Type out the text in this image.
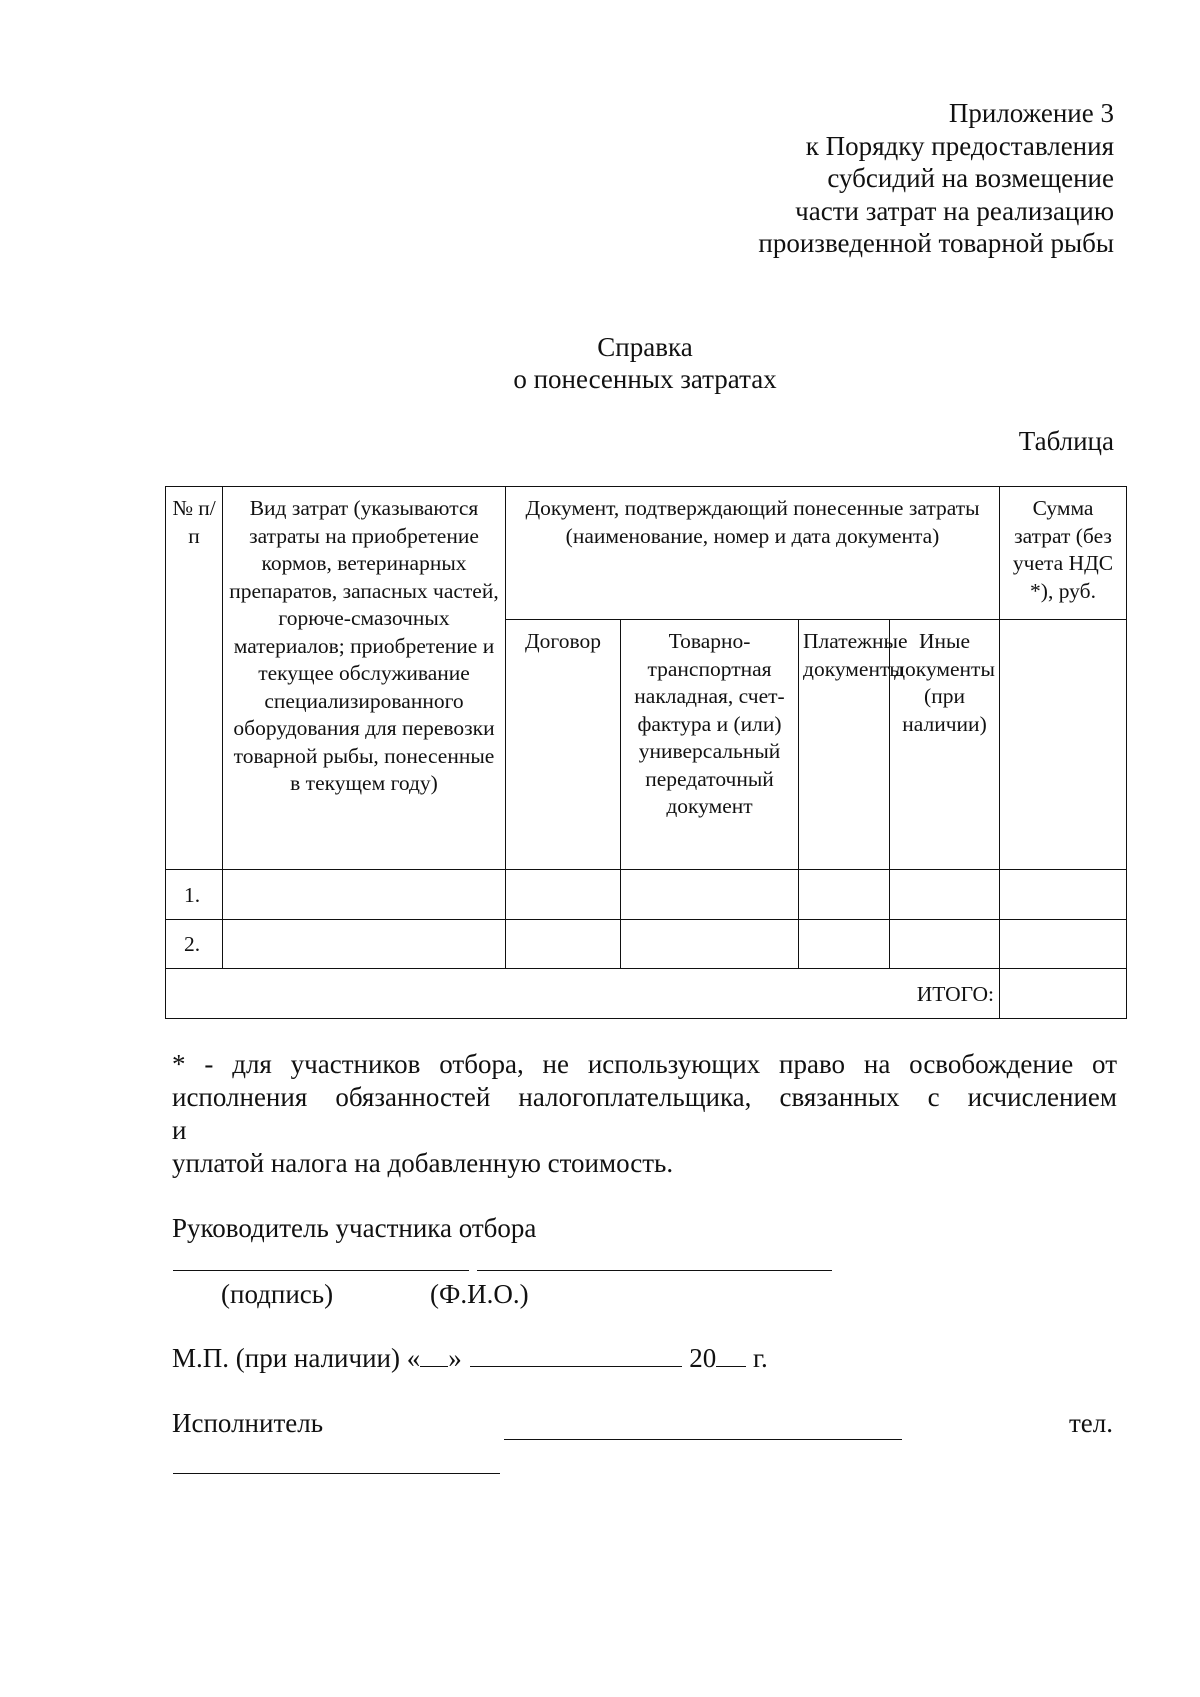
Приложение 3
к Порядку предоставления
субсидий на возмещение
части затрат на реализацию
произведенной товарной рыбы
Справка
о понесенных затратах
Таблица
№ п/п	Вид затрат (указываются затраты на приобретение кормов, ветеринарных препаратов, запасных частей, горюче-смазочных материалов; приобретение и текущее обслуживание специализированного оборудования для перевозки товарной рыбы, понесенные в текущем году)	Документ, подтверждающий понесенные затраты (наименование, номер и дата документа)				Сумма затрат (без учета НДС *), руб.
		Договор	Товарно-транспортная накладная, счет-фактура и (или) универсальный передаточный документ	Платежные документы	Иные документы (при наличии)	
1.						
2.						
ИТОГО:						
* - для участников отбора, не использующих право на освобождение от
исполнения обязанностей налогоплательщика, связанных с исчислением
и
уплатой налога на добавленную стоимость.
Руководитель участника отбора
(подпись)	(Ф.И.О.)
М.П. (при наличии) « »	20 г.
Исполнитель	тел.
